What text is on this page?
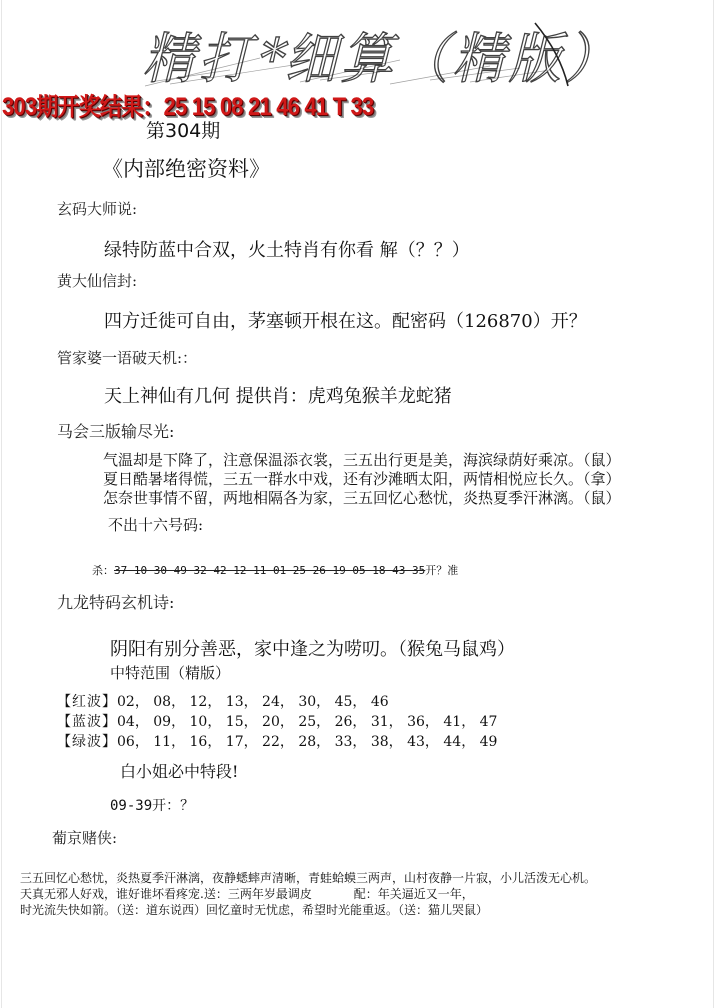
精打*细算（精版）
303期开奖结果：25 15 08 21 46 41 T 33
第304期
《内部绝密资料》
玄码大师说:
绿特防蓝中合双，火土特肖有你看 解（？？）
黄大仙信封:
四方迁徙可自由，茅塞顿开根在这。配密码（126870）开？
管家婆一语破天机:：
天上神仙有几何 提供肖：虎鸡兔猴羊龙蛇猪
马会三版输尽光:
气温却是下降了，注意保温添衣裳，三五出行更是美，海滨绿荫好乘凉。（鼠）
夏日酷暑堵得慌，三五一群水中戏，还有沙滩晒太阳，两情相悦应长久。（拿）
怎奈世事情不留，两地相隔各为家，三五回忆心愁忧，炎热夏季汗淋漓。（鼠）
不出十六号码:
杀：37 10 30 49 32 42 12 11 01 25 26 19 05 18 43 35开？准
九龙特码玄机诗:
阴阳有别分善恶，家中逢之为唠叨。（猴兔马鼠鸡）
中特范围（精版）
【红波】02， 08， 12， 13， 24， 30， 45， 46
【蓝波】04， 09， 10， 15， 20， 25， 26， 31， 36， 41， 47
【绿波】06， 11， 16， 17， 22， 28， 33， 38， 43， 44， 49
白小姐必中特段!
09-39开：？
葡京赌侠:
三五回忆心愁忧，炎热夏季汗淋漓，夜静蟋蟀声清晰，青蛙蛤蟆三两声，山村夜静一片寂，小儿活泼无心机。
天真无邪人好戏，谁好谁坏看疼宠.送：三两年岁最调皮           配：年关逼近又一年，
时光流失快如箭。（送：道东说西）回忆童时无忧虑，希望时光能重返。（送：猫儿哭鼠）
